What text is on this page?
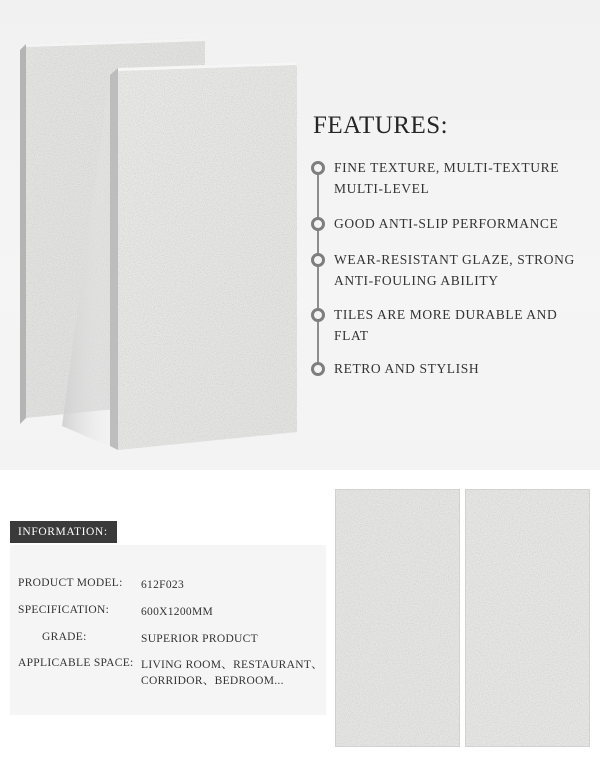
FEATURES:
FINE TEXTURE, MULTI-TEXTURE
MULTI-LEVEL
GOOD ANTI-SLIP PERFORMANCE
WEAR-RESISTANT GLAZE, STRONG
ANTI-FOULING ABILITY
TILES ARE MORE DURABLE AND
FLAT
RETRO AND STYLISH
INFORMATION:
PRODUCT MODEL: 612F023
SPECIFICATION:	600X1200MM
GRADE:	SUPERIOR PRODUCT
APPLICABLE SPACE: LIVING ROOM、RESTAURANT、
CORRIDOR、BEDROOM...
